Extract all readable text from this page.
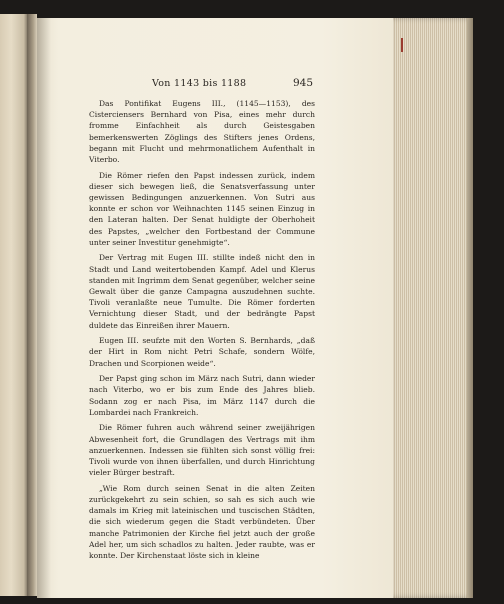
Von 1143 bis 1188	945

Das Pontifikat Eugens III., (1145—1153), des Cisterciensers Bernhard von Pisa, eines mehr durch fromme Einfachheit als durch Geistesgaben bemerkenswerten Zöglings des Stifters jenes Ordens, begann mit Flucht und mehrmonatlichem Aufenthalt in Viterbo.

Die Römer riefen den Papst indessen zurück, indem dieser sich bewegen ließ, die Senatsverfassung unter gewissen Bedingungen anzuerkennen. Von Sutri aus konnte er schon vor Weihnachten 1145 seinen Einzug in den Lateran halten. Der Senat huldigte der Oberhoheit des Papstes, „welcher den Fortbestand der Commune unter seiner Investitur genehmigte“.

Der Vertrag mit Eugen III. stillte indeß nicht den in Stadt und Land weitertobenden Kampf. Adel und Klerus standen mit Ingrimm dem Senat gegenüber, welcher seine Gewalt über die ganze Campagna auszudehnen suchte. Tivoli veranlaßte neue Tumulte. Die Römer forderten Vernichtung dieser Stadt, und der bedrängte Papst duldete das Einreißen ihrer Mauern.

Eugen III. seufzte mit den Worten S. Bernhards, „daß der Hirt in Rom nicht Petri Schafe, sondern Wölfe, Drachen und Scorpionen weide“.

Der Papst ging schon im März nach Sutri, dann wieder nach Viterbo, wo er bis zum Ende des Jahres blieb. Sodann zog er nach Pisa, im März 1147 durch die Lombardei nach Frankreich.

Die Römer fuhren auch während seiner zweijährigen Abwesenheit fort, die Grundlagen des Vertrags mit ihm anzuerkennen. Indessen sie fühlten sich sonst völlig frei: Tivoli wurde von ihnen überfallen, und durch Hinrichtung vieler Bürger bestraft.

„Wie Rom durch seinen Senat in die alten Zeiten zurückgekehrt zu sein schien, so sah es sich auch wie damals im Krieg mit lateinischen und tuscischen Städten, die sich wiederum gegen die Stadt verbündeten. Über manche Patrimonien der Kirche fiel jetzt auch der große Adel her, um sich schadlos zu halten. Jeder raubte, was er konnte. Der Kirchenstaat löste sich in kleine
